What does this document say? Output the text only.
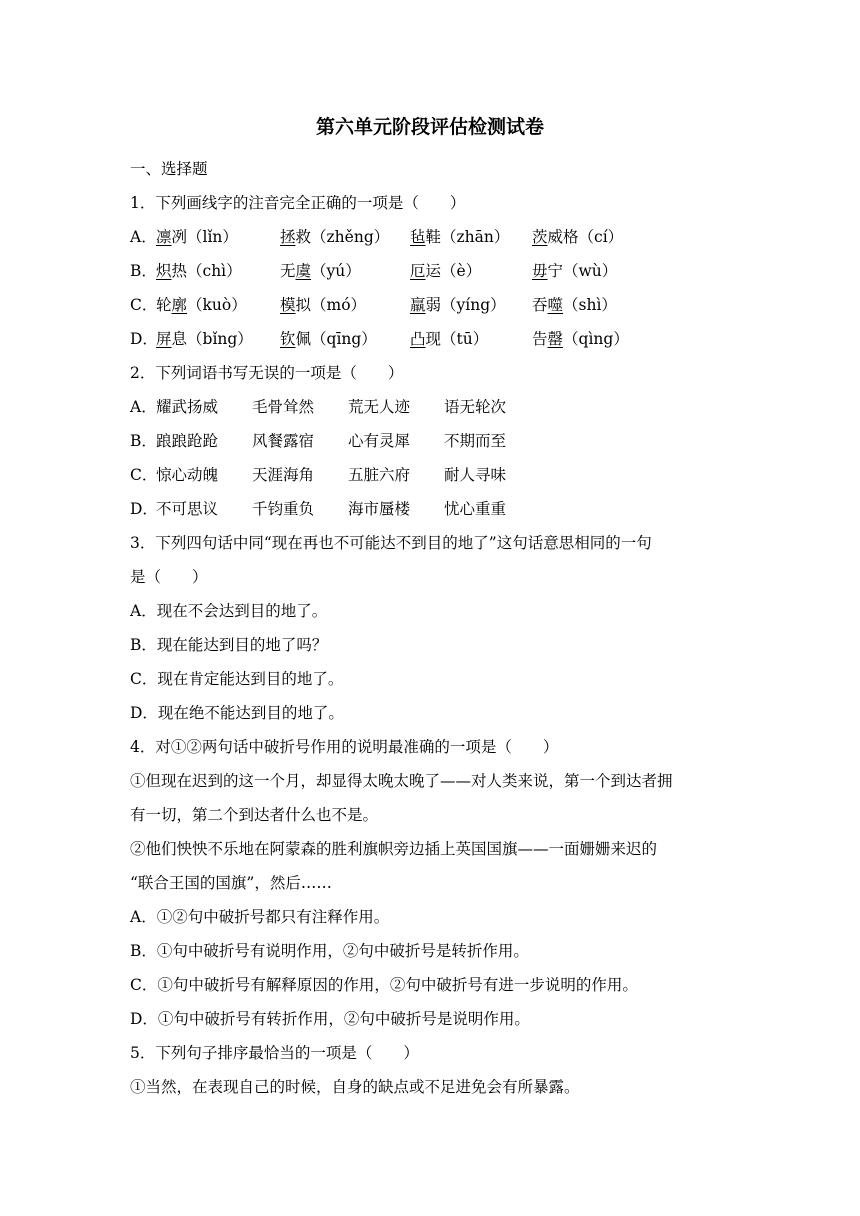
第六单元阶段评估检测试卷
一、选择题
1．下列画线字的注音完全正确的一项是（　　）
A． 凛冽（lǐn）	拯救（zhěng）	毡鞋（zhān）	茨威格（cí）
B． 炽热（chì）	无虞（yú）	厄运（è）	毋宁（wù）
C．
轮廓（kuò）	模拟（mó）	羸弱（yíng）	吞噬（shì）
D．
屏息（bǐng）	钦佩（qīng）	凸现（tū）	告罄（qìng）
2．下列词语书写无误的一项是（　　）
A． 耀武扬威	毛骨耸然	荒无人迹	语无轮次
B． 踉踉跄跄	风餐露宿	心有灵犀	不期而至
C．
惊心动魄	天涯海角	五脏六府	耐人寻味
D．
不可思议	千钧重负	海市蜃楼	忧心重重
3．下列四句话中同“现在再也不可能达不到目的地了”这句话意思相同的一句
是（　　）
A．现在不会达到目的地了。
B．现在能达到目的地了吗？
C．现在肯定能达到目的地了。
D．现在绝不能达到目的地了。
4．对①②两句话中破折号作用的说明最准确的一项是（　　）
①但现在迟到的这一个月，却显得太晚太晚了——对人类来说，第一个到达者拥
有一切，第二个到达者什么也不是。
②他们怏怏不乐地在阿蒙森的胜利旗帜旁边插上英国国旗——一面姗姗来迟的
“联合王国的国旗”，然后……
A．①②句中破折号都只有注释作用。
B．①句中破折号有说明作用，②句中破折号是转折作用。
C．①句中破折号有解释原因的作用，②句中破折号有进一步说明的作用。
D．①句中破折号有转折作用，②句中破折号是说明作用。
5．下列句子排序最恰当的一项是（　　）
①当然，在表现自己的时候，自身的缺点或不足进免会有所暴露。
